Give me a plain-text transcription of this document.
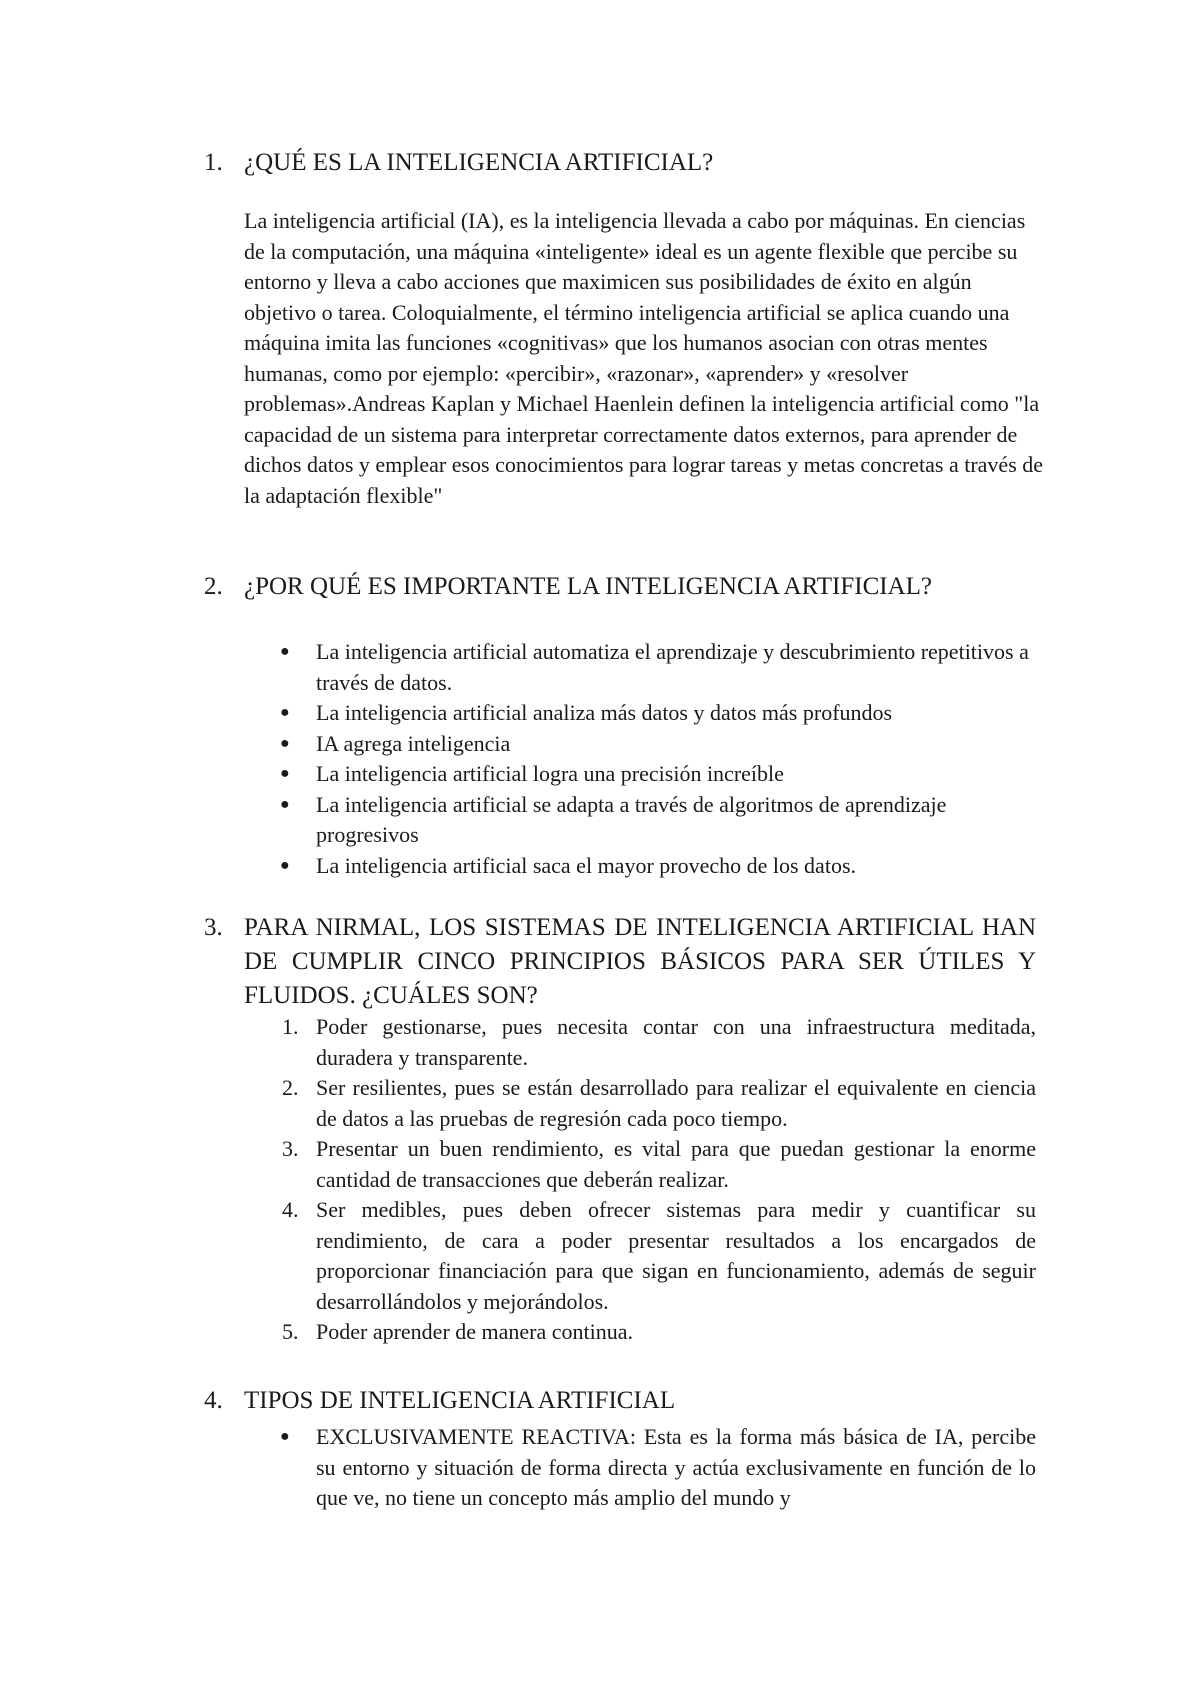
1. ¿QUÉ ES LA INTELIGENCIA ARTIFICIAL?
La inteligencia artificial (IA), es la inteligencia llevada a cabo por máquinas. En ciencias de la computación, una máquina «inteligente» ideal es un agente flexible que percibe su entorno y lleva a cabo acciones que maximicen sus posibilidades de éxito en algún objetivo o tarea. Coloquialmente, el término inteligencia artificial se aplica cuando una máquina imita las funciones «cognitivas» que los humanos asocian con otras mentes humanas, como por ejemplo: «percibir», «razonar», «aprender» y «resolver problemas».Andreas Kaplan y Michael Haenlein definen la inteligencia artificial como "la capacidad de un sistema para interpretar correctamente datos externos, para aprender de dichos datos y emplear esos conocimientos para lograr tareas y metas concretas a través de la adaptación flexible"
2. ¿POR QUÉ ES IMPORTANTE LA INTELIGENCIA ARTIFICIAL?
● La inteligencia artificial automatiza el aprendizaje y descubrimiento repetitivos a través de datos.
● La inteligencia artificial analiza más datos y datos más profundos
● IA agrega inteligencia
● La inteligencia artificial logra una precisión increíble
● La inteligencia artificial se adapta a través de algoritmos de aprendizaje progresivos
● La inteligencia artificial saca el mayor provecho de los datos.
3. PARA NIRMAL, LOS SISTEMAS DE INTELIGENCIA ARTIFICIAL HAN DE CUMPLIR CINCO PRINCIPIOS BÁSICOS PARA SER ÚTILES Y FLUIDOS. ¿CUÁLES SON?
1. Poder gestionarse, pues necesita contar con una infraestructura meditada, duradera y transparente.
2. Ser resilientes, pues se están desarrollado para realizar el equivalente en ciencia de datos a las pruebas de regresión cada poco tiempo.
3. Presentar un buen rendimiento, es vital para que puedan gestionar la enorme cantidad de transacciones que deberán realizar.
4. Ser medibles, pues deben ofrecer sistemas para medir y cuantificar su rendimiento, de cara a poder presentar resultados a los encargados de proporcionar financiación para que sigan en funcionamiento, además de seguir desarrollándolos y mejorándolos.
5. Poder aprender de manera continua.
4. TIPOS DE INTELIGENCIA ARTIFICIAL
● EXCLUSIVAMENTE REACTIVA: Esta es la forma más básica de IA, percibe su entorno y situación de forma directa y actúa exclusivamente en función de lo que ve, no tiene un concepto más amplio del mundo y
